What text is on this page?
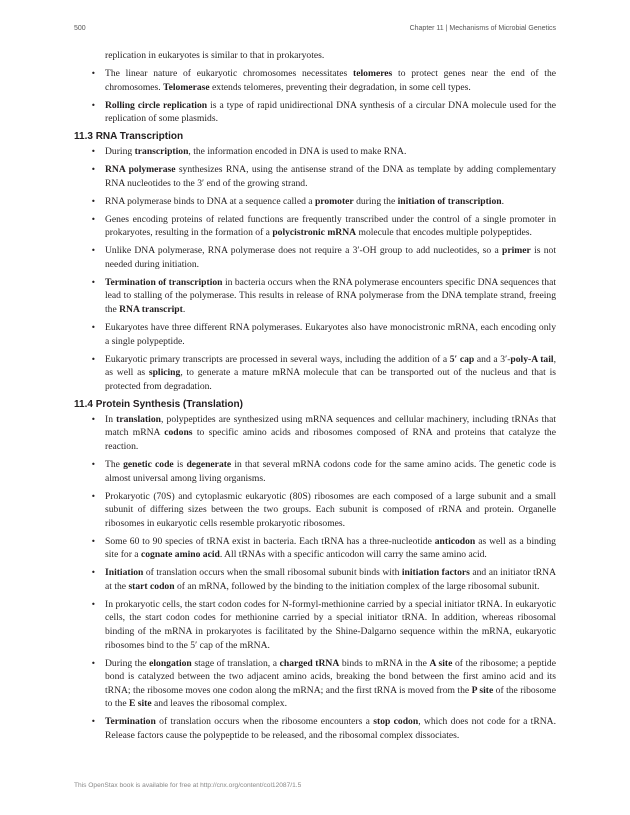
500	Chapter 11 | Mechanisms of Microbial Genetics

replication in eukaryotes is similar to that in prokaryotes.

• The linear nature of eukaryotic chromosomes necessitates telomeres to protect genes near the end of the chromosomes. Telomerase extends telomeres, preventing their degradation, in some cell types.
• Rolling circle replication is a type of rapid unidirectional DNA synthesis of a circular DNA molecule used for the replication of some plasmids.
11.3 RNA Transcription
• During transcription, the information encoded in DNA is used to make RNA.
• RNA polymerase synthesizes RNA, using the antisense strand of the DNA as template by adding complementary RNA nucleotides to the 3′ end of the growing strand.
• RNA polymerase binds to DNA at a sequence called a promoter during the initiation of transcription.
• Genes encoding proteins of related functions are frequently transcribed under the control of a single promoter in prokaryotes, resulting in the formation of a polycistronic mRNA molecule that encodes multiple polypeptides.
• Unlike DNA polymerase, RNA polymerase does not require a 3′-OH group to add nucleotides, so a primer is not needed during initiation.
• Termination of transcription in bacteria occurs when the RNA polymerase encounters specific DNA sequences that lead to stalling of the polymerase. This results in release of RNA polymerase from the DNA template strand, freeing the RNA transcript.
• Eukaryotes have three different RNA polymerases. Eukaryotes also have monocistronic mRNA, each encoding only a single polypeptide.
• Eukaryotic primary transcripts are processed in several ways, including the addition of a 5′ cap and a 3′-poly-A tail, as well as splicing, to generate a mature mRNA molecule that can be transported out of the nucleus and that is protected from degradation.
11.4 Protein Synthesis (Translation)
• In translation, polypeptides are synthesized using mRNA sequences and cellular machinery, including tRNAs that match mRNA codons to specific amino acids and ribosomes composed of RNA and proteins that catalyze the reaction.
• The genetic code is degenerate in that several mRNA codons code for the same amino acids. The genetic code is almost universal among living organisms.
• Prokaryotic (70S) and cytoplasmic eukaryotic (80S) ribosomes are each composed of a large subunit and a small subunit of differing sizes between the two groups. Each subunit is composed of rRNA and protein. Organelle ribosomes in eukaryotic cells resemble prokaryotic ribosomes.
• Some 60 to 90 species of tRNA exist in bacteria. Each tRNA has a three-nucleotide anticodon as well as a binding site for a cognate amino acid. All tRNAs with a specific anticodon will carry the same amino acid.
• Initiation of translation occurs when the small ribosomal subunit binds with initiation factors and an initiator tRNA at the start codon of an mRNA, followed by the binding to the initiation complex of the large ribosomal subunit.
• In prokaryotic cells, the start codon codes for N-formyl-methionine carried by a special initiator tRNA. In eukaryotic cells, the start codon codes for methionine carried by a special initiator tRNA. In addition, whereas ribosomal binding of the mRNA in prokaryotes is facilitated by the Shine-Dalgarno sequence within the mRNA, eukaryotic ribosomes bind to the 5′ cap of the mRNA.
• During the elongation stage of translation, a charged tRNA binds to mRNA in the A site of the ribosome; a peptide bond is catalyzed between the two adjacent amino acids, breaking the bond between the first amino acid and its tRNA; the ribosome moves one codon along the mRNA; and the first tRNA is moved from the P site of the ribosome to the E site and leaves the ribosomal complex.
• Termination of translation occurs when the ribosome encounters a stop codon, which does not code for a tRNA. Release factors cause the polypeptide to be released, and the ribosomal complex dissociates.
This OpenStax book is available for free at http://cnx.org/content/col12087/1.5
